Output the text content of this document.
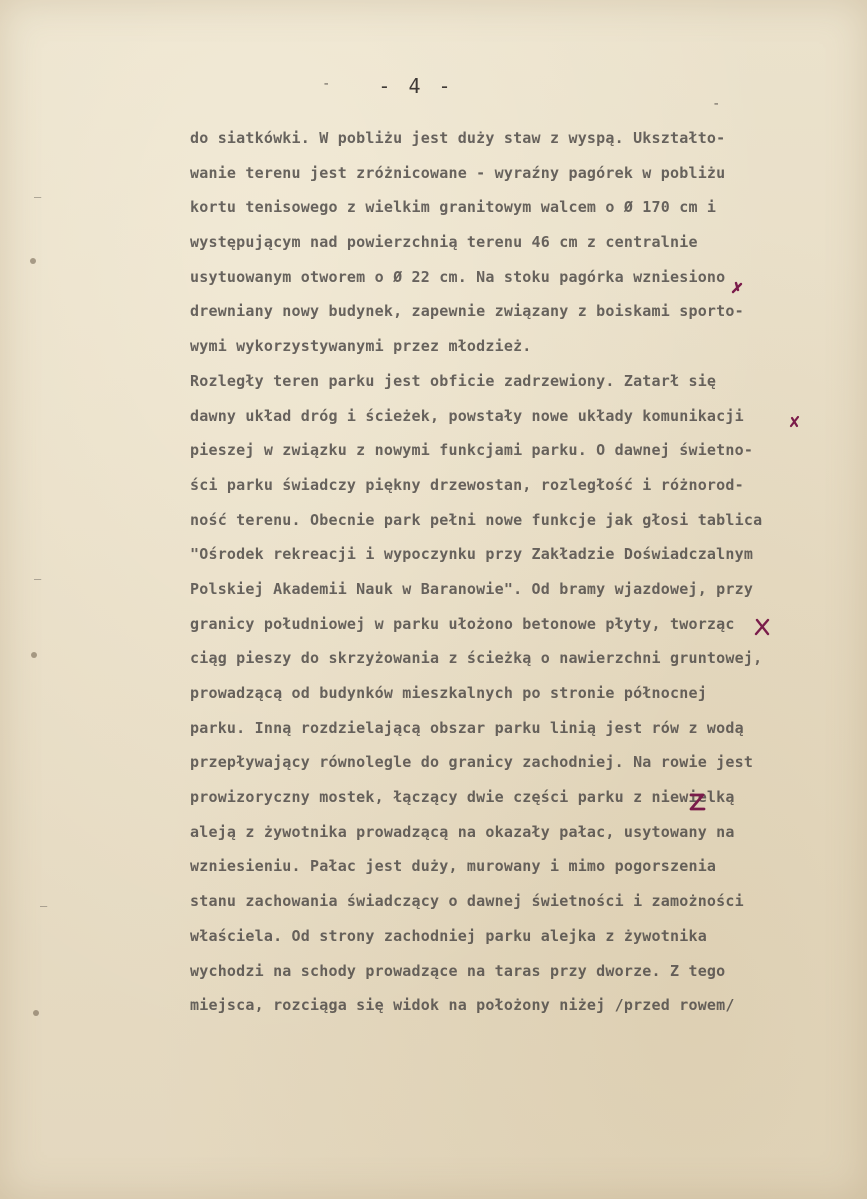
-
-
- 4 -
‾
‾
‾
do siatkówki. W pobliżu jest duży staw z wyspą. Ukształto-
wanie terenu jest zróżnicowane - wyraźny pagórek w pobliżu
kortu tenisowego z wielkim granitowym walcem o Ø 170 cm i
występującym nad powierzchnią terenu 46 cm z centralnie
usytuowanym otworem o Ø 22 cm. Na stoku pagórka wzniesiono
drewniany nowy budynek, zapewnie związany z boiskami sporto-
wymi wykorzystywanymi przez młodzież.
Rozległy teren parku jest obficie zadrzewiony. Zatarł się
dawny układ dróg i ścieżek, powstały nowe układy komunikacji
pieszej w związku z nowymi funkcjami parku. O dawnej świetno-
ści parku świadczy piękny drzewostan, rozległość i różnorod-
ność terenu. Obecnie park pełni nowe funkcje jak głosi tablica
"Ośrodek rekreacji i wypoczynku przy Zakładzie Doświadczalnym
Polskiej Akademii Nauk w Baranowie". Od bramy wjazdowej, przy
granicy południowej w parku ułożono betonowe płyty, tworząc
ciąg pieszy do skrzyżowania z ścieżką o nawierzchni gruntowej,
prowadzącą od budynków mieszkalnych po stronie północnej
parku. Inną rozdzielającą obszar parku linią jest rów z wodą
przepływający równolegle do granicy zachodniej. Na rowie jest
prowizoryczny mostek, łączący dwie części parku z niewielką
aleją z żywotnika prowadzącą na okazały pałac, usytowany na
wzniesieniu. Pałac jest duży, murowany i mimo pogorszenia
stanu zachowania świadczący o dawnej świetności i zamożności
właściela. Od strony zachodniej parku alejka z żywotnika
wychodzi na schody prowadzące na taras przy dworze. Z tego
miejsca, rozciąga się widok na położony niżej /przed rowem/
